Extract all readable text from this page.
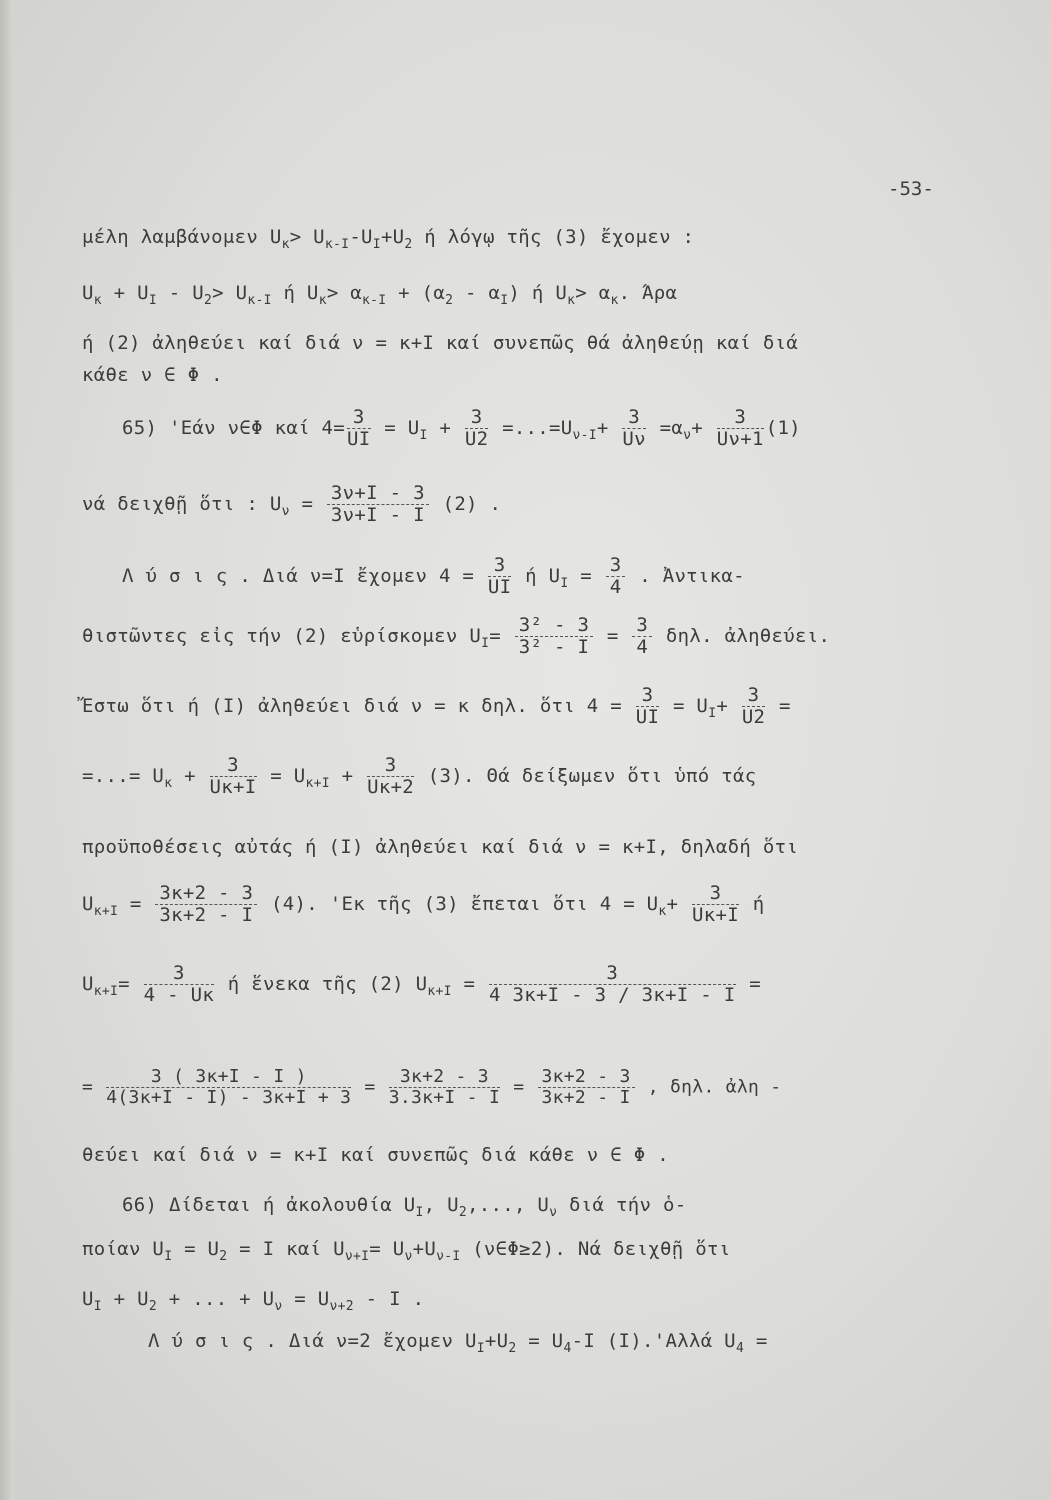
-53-
μέλη λαμβάνομεν $U_\kappa> U_{\kappa-I}-U_I+U_2$ ή λόγῳ τῆς (3) ἔχομεν :
$U_\kappa + U_I - U_2> U_{\kappa-I}$ ή $U_\kappa> \alpha_{\kappa-I} + (\alpha_2 - \alpha_I)$ ή $U_\kappa> \alpha_\kappa$. Άρα
ή (2) ἀληθεύει καί διά ν = κ+Ι καί συνεπῶς θά ἀληθεύῃ καί διά
κάθε ν ∈ Φ .
65) 'Εάν ν∈Φ καί $4= \frac{3}{UI} = U_I + \frac{3}{U2} =...=U_{\nu-I}+ \frac{3}{U\nu} =\alpha_\nu+ \frac{3}{U\nu+1} (1)$
νά δειχθῇ ὅτι : $U_\nu = \frac{3\nu+I - 3}{3\nu+I - I} (2)$ .
Λ ύ σ ι ς . Διά ν=Ι ἔχομεν $4 = \frac{3}{UI}$ ή $U_I = \frac{3}{4}$ . Ἀντικα-
θιστῶντες εἰς τήν (2) εὑρίσκομεν $U_I= \frac{\text{3² - 3}}{\text{3² - Ι}} = \frac{3}{4} \delta\eta\lambda$. ἀληθεύει.
Ἔστω ὅτι ή (Ι) ἀληθεύει διά ν = κ δηλ. ὅτι $4 = \frac{3}{UI} = U_I+ \frac{3}{U2}$ =
=...= $U_\kappa + \frac{3}{U\kappa+I} = U_{\kappa+I} + \frac{3}{U\kappa+2} (3)$. Θά δείξωμεν ὅτι ὑπό τάς
προϋποθέσεις αὐτάς ή (Ι) ἀληθεύει καί διά ν = κ+Ι, δηλαδή ὅτι
$U_{\kappa+I} = \frac{3\kappa+2 - 3}{3\kappa+2 - I} (4)$. 'Εκ τῆς (3) ἔπεται ὅτι $4 = U_\kappa+ \frac{3}{U\kappa+I}$ ή
$U_{\kappa+I}= \frac{3}{4 - U\kappa}$ ή ἕνεκα τῆς (2) $U_{\kappa+I} = \frac{3}{4 3\kappa+I - 3 / 3\kappa+I - I}$ =
= $\frac{3 ( 3\kappa+I - I )}{4(3\kappa+I - I) - 3\kappa+I + 3} = \frac{3\kappa+2 - 3}{3.3\kappa+I - I} = \frac{3\kappa+2 - 3}{3\kappa+2 - I}$ , δηλ. ἀλη -
θεύει καί διά ν = κ+Ι καί συνεπῶς διά κάθε ν ∈ Φ .
66) Δίδεται ή ἀκολουθία $U_I$, $U_2$,..., $U_\nu$ διά τήν ὁ-
ποίαν $U_I = U_2 = I$ καί $U_{\nu+I}= U_\nu+U_{\nu-I}$ (ν∈Φ≥2). Νά δειχθῇ ὅτι
$U_I + U_2$ + ... + $U_\nu = U_{\nu+2} - I$ .
Λ ύ σ ι ς . Διά ν=2 ἔχομεν $U_I+U_2 = U_4-I$ (Ι).'Αλλά $U_4$ =
